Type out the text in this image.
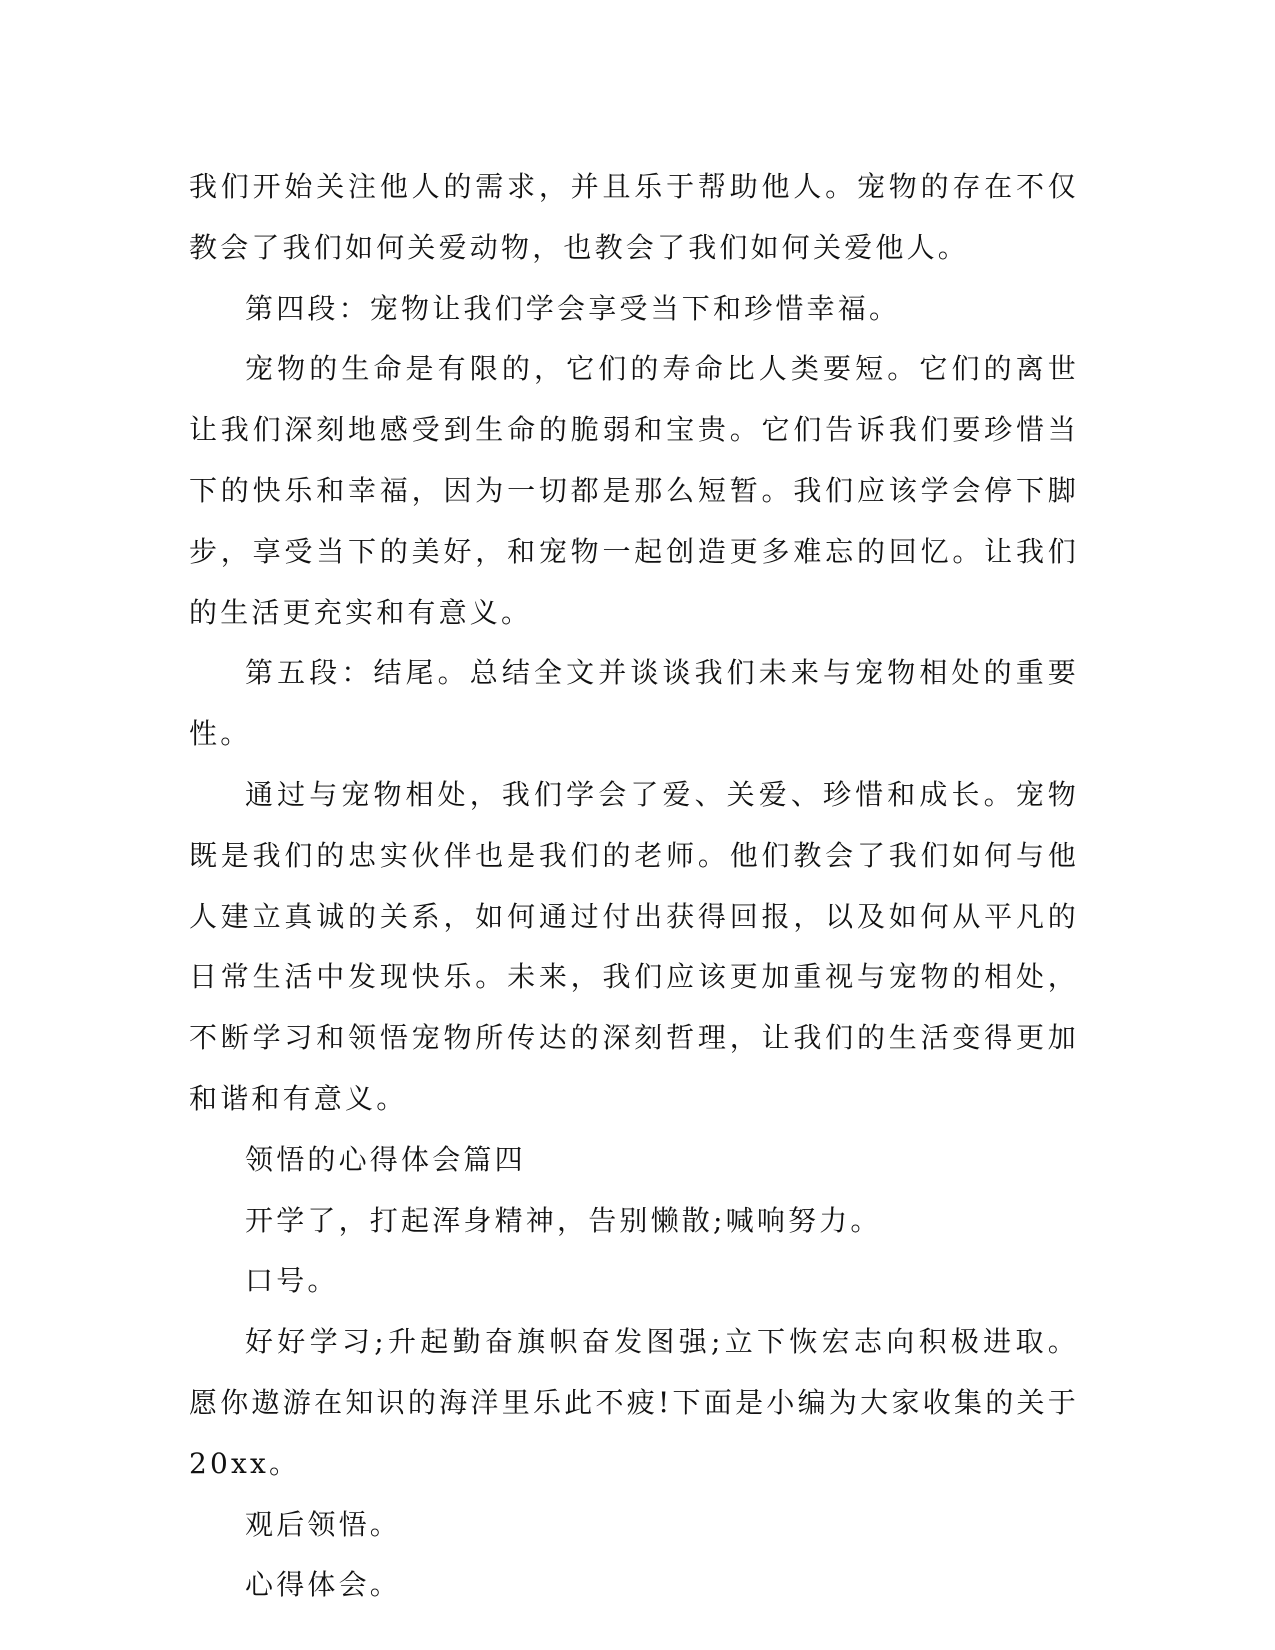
我们开始关注他人的需求，并且乐于帮助他人。宠物的存在不仅教会了我们如何关爱动物，也教会了我们如何关爱他人。

第四段：宠物让我们学会享受当下和珍惜幸福。

宠物的生命是有限的，它们的寿命比人类要短。它们的离世让我们深刻地感受到生命的脆弱和宝贵。它们告诉我们要珍惜当下的快乐和幸福，因为一切都是那么短暂。我们应该学会停下脚步，享受当下的美好，和宠物一起创造更多难忘的回忆。让我们的生活更充实和有意义。

第五段：结尾。总结全文并谈谈我们未来与宠物相处的重要性。

通过与宠物相处，我们学会了爱、关爱、珍惜和成长。宠物既是我们的忠实伙伴也是我们的老师。他们教会了我们如何与他人建立真诚的关系，如何通过付出获得回报，以及如何从平凡的日常生活中发现快乐。未来，我们应该更加重视与宠物的相处，不断学习和领悟宠物所传达的深刻哲理，让我们的生活变得更加和谐和有意义。

领悟的心得体会篇四

开学了，打起浑身精神，告别懒散;喊响努力。

口号。

好好学习;升起勤奋旗帜奋发图强;立下恢宏志向积极进取。愿你遨游在知识的海洋里乐此不疲!下面是小编为大家收集的关于20xx。

观后领悟。

心得体会。
